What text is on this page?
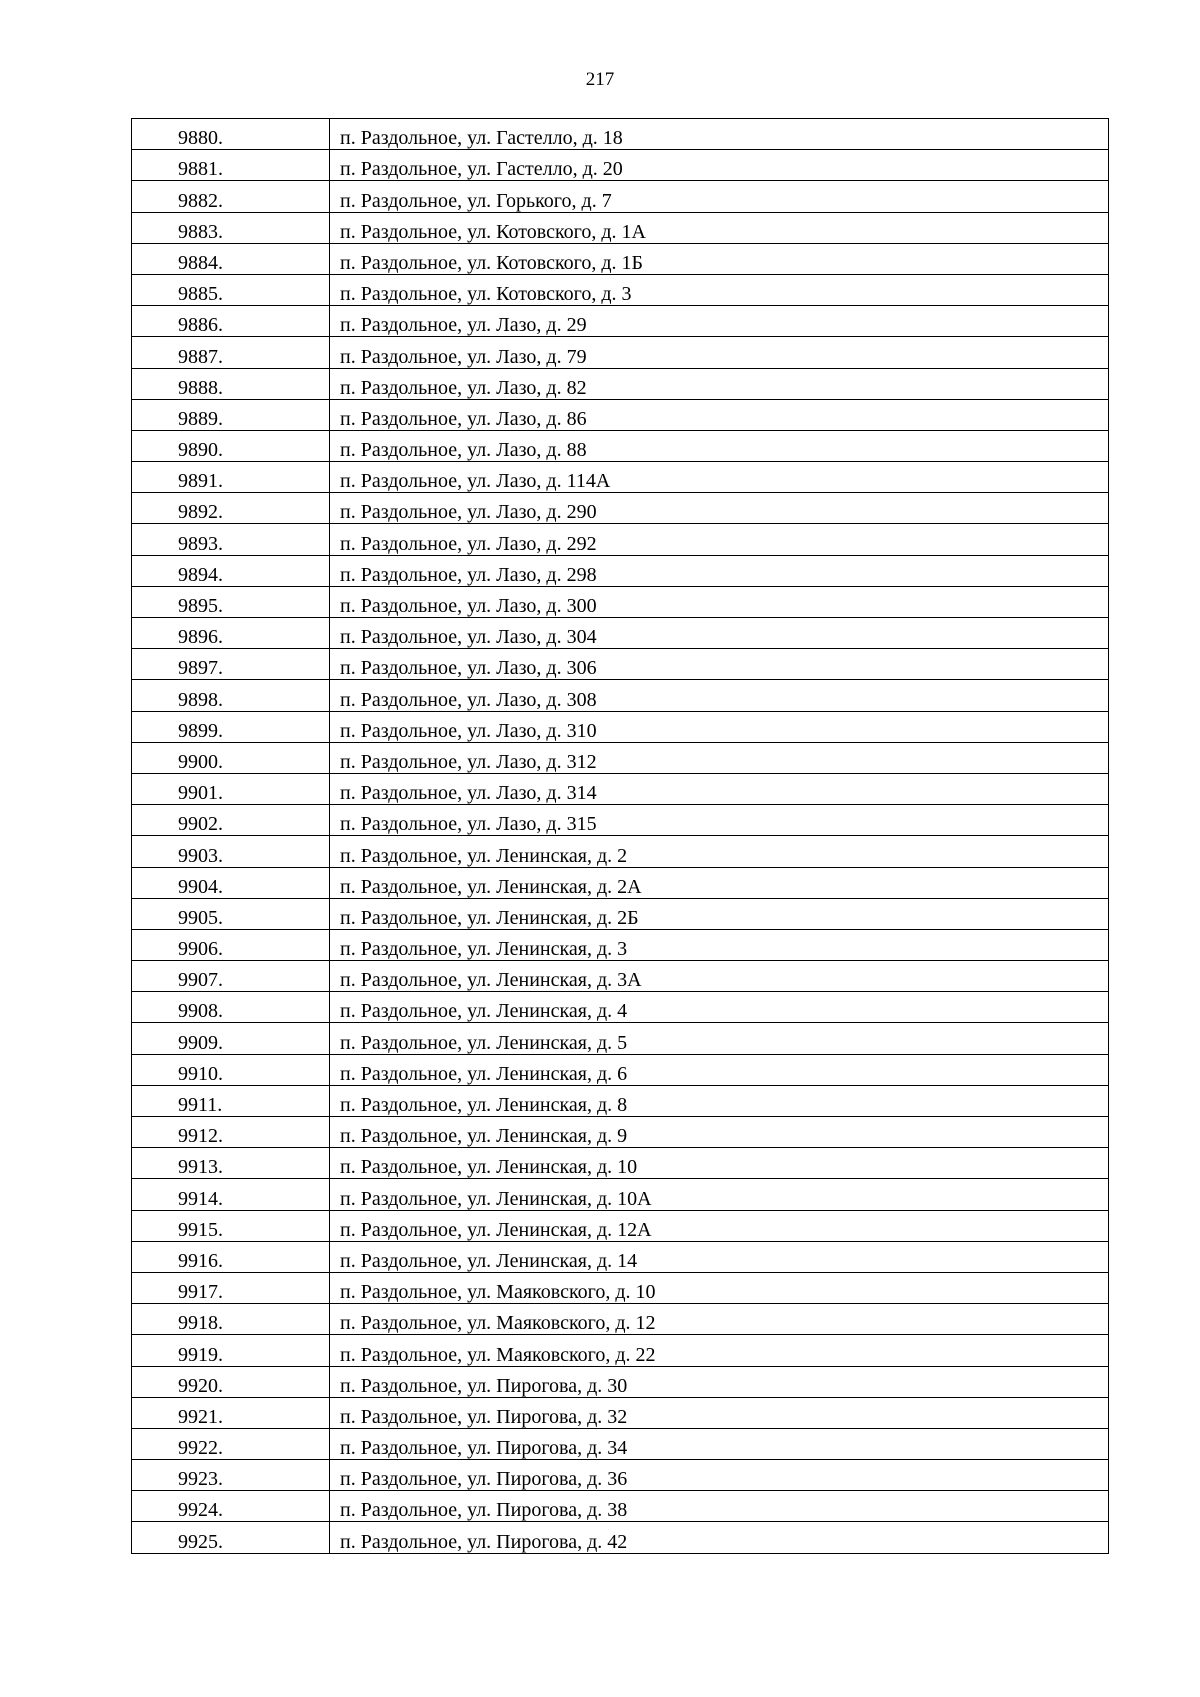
217
9880.	п. Раздольное, ул. Гастелло, д. 18
9881.	п. Раздольное, ул. Гастелло, д. 20
9882.	п. Раздольное, ул. Горького, д. 7
9883.	п. Раздольное, ул. Котовского, д. 1А
9884.	п. Раздольное, ул. Котовского, д. 1Б
9885.	п. Раздольное, ул. Котовского, д. 3
9886.	п. Раздольное, ул. Лазо, д. 29
9887.	п. Раздольное, ул. Лазо, д. 79
9888.	п. Раздольное, ул. Лазо, д. 82
9889.	п. Раздольное, ул. Лазо, д. 86
9890.	п. Раздольное, ул. Лазо, д. 88
9891.	п. Раздольное, ул. Лазо, д. 114А
9892.	п. Раздольное, ул. Лазо, д. 290
9893.	п. Раздольное, ул. Лазо, д. 292
9894.	п. Раздольное, ул. Лазо, д. 298
9895.	п. Раздольное, ул. Лазо, д. 300
9896.	п. Раздольное, ул. Лазо, д. 304
9897.	п. Раздольное, ул. Лазо, д. 306
9898.	п. Раздольное, ул. Лазо, д. 308
9899.	п. Раздольное, ул. Лазо, д. 310
9900.	п. Раздольное, ул. Лазо, д. 312
9901.	п. Раздольное, ул. Лазо, д. 314
9902.	п. Раздольное, ул. Лазо, д. 315
9903.	п. Раздольное, ул. Ленинская, д. 2
9904.	п. Раздольное, ул. Ленинская, д. 2А
9905.	п. Раздольное, ул. Ленинская, д. 2Б
9906.	п. Раздольное, ул. Ленинская, д. 3
9907.	п. Раздольное, ул. Ленинская, д. 3А
9908.	п. Раздольное, ул. Ленинская, д. 4
9909.	п. Раздольное, ул. Ленинская, д. 5
9910.	п. Раздольное, ул. Ленинская, д. 6
9911.	п. Раздольное, ул. Ленинская, д. 8
9912.	п. Раздольное, ул. Ленинская, д. 9
9913.	п. Раздольное, ул. Ленинская, д. 10
9914.	п. Раздольное, ул. Ленинская, д. 10А
9915.	п. Раздольное, ул. Ленинская, д. 12А
9916.	п. Раздольное, ул. Ленинская, д. 14
9917.	п. Раздольное, ул. Маяковского, д. 10
9918.	п. Раздольное, ул. Маяковского, д. 12
9919.	п. Раздольное, ул. Маяковского, д. 22
9920.	п. Раздольное, ул. Пирогова, д. 30
9921.	п. Раздольное, ул. Пирогова, д. 32
9922.	п. Раздольное, ул. Пирогова, д. 34
9923.	п. Раздольное, ул. Пирогова, д. 36
9924.	п. Раздольное, ул. Пирогова, д. 38
9925.	п. Раздольное, ул. Пирогова, д. 42
